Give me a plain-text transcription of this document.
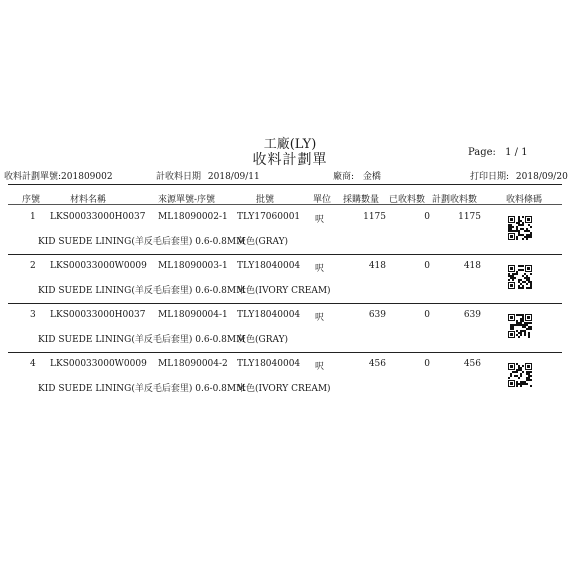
工廠(LY)
收料計劃單	Page: 1 / 1
收料計劃單號:201809002	計收料日期 2018/09/11	廠商: 金橋	打印日期: 2018/09/20
序號	材料名稱	來源單號-序號	批號	單位 採購數量 已收料數 計劃收料數	收料條碼
1 LKS00033000H0037 ML18090002-1 TLY17060001 呎	1175	0	1175
KID SUEDE LINING(羊反毛后套里) 0.6-0.8MM
灰色(GRAY)
2 LKS00033000W0009 ML18090003-1 TLY18040004 呎	418	0	418
KID SUEDE LINING(羊反毛后套里) 0.6-0.8MM
米色(IVORY CREAM)
3 LKS00033000H0037 ML18090004-1 TLY18040004 呎	639	0	639
KID SUEDE LINING(羊反毛后套里) 0.6-0.8MM
灰色(GRAY)
4 LKS00033000W0009 ML18090004-2 TLY18040004 呎	456	0	456
KID SUEDE LINING(羊反毛后套里) 0.6-0.8MM
米色(IVORY CREAM)
